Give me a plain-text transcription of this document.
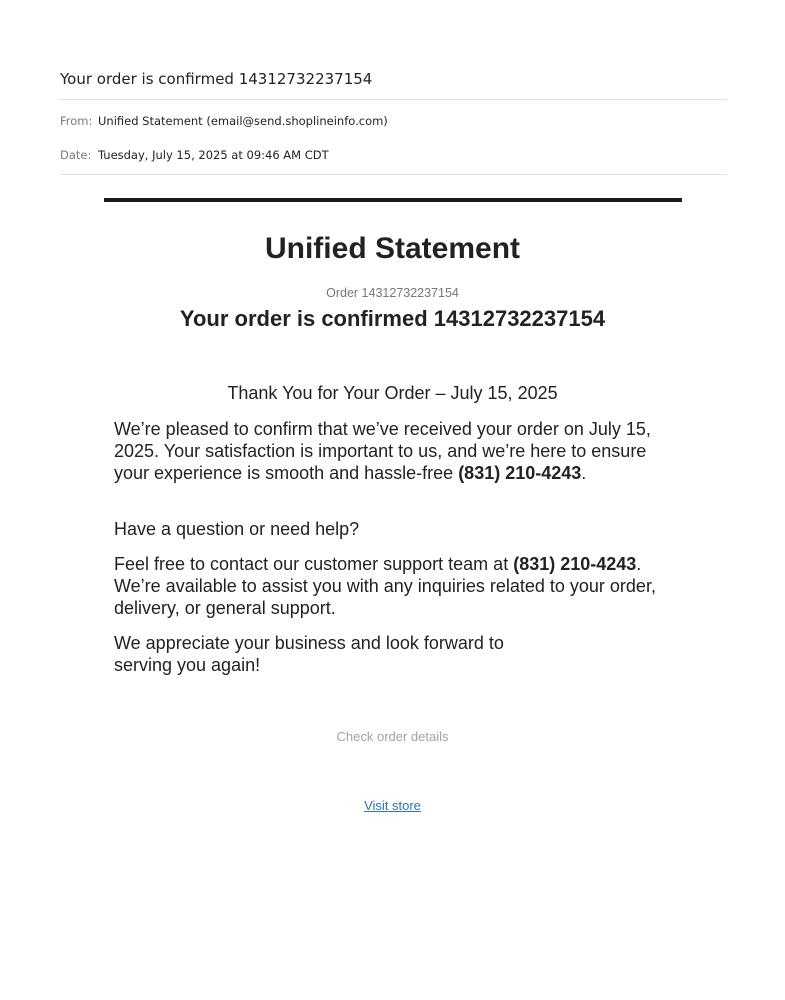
Your order is confirmed 14312732237154
From: Unified Statement (email@send.shoplineinfo.com)
Date: Tuesday, July 15, 2025 at 09:46 AM CDT
Unified Statement
Order 14312732237154
Your order is confirmed 14312732237154
Thank You for Your Order – July 15, 2025
We’re pleased to confirm that we’ve received your order on July 15, 2025. Your satisfaction is important to us, and we’re here to ensure your experience is smooth and hassle-free (831) 210-4243.
Have a question or need help?
Feel free to contact our customer support team at (831) 210-4243. We’re available to assist you with any inquiries related to your order, delivery, or general support.
We appreciate your business and look forward to serving you again!
Check order details
Visit store
